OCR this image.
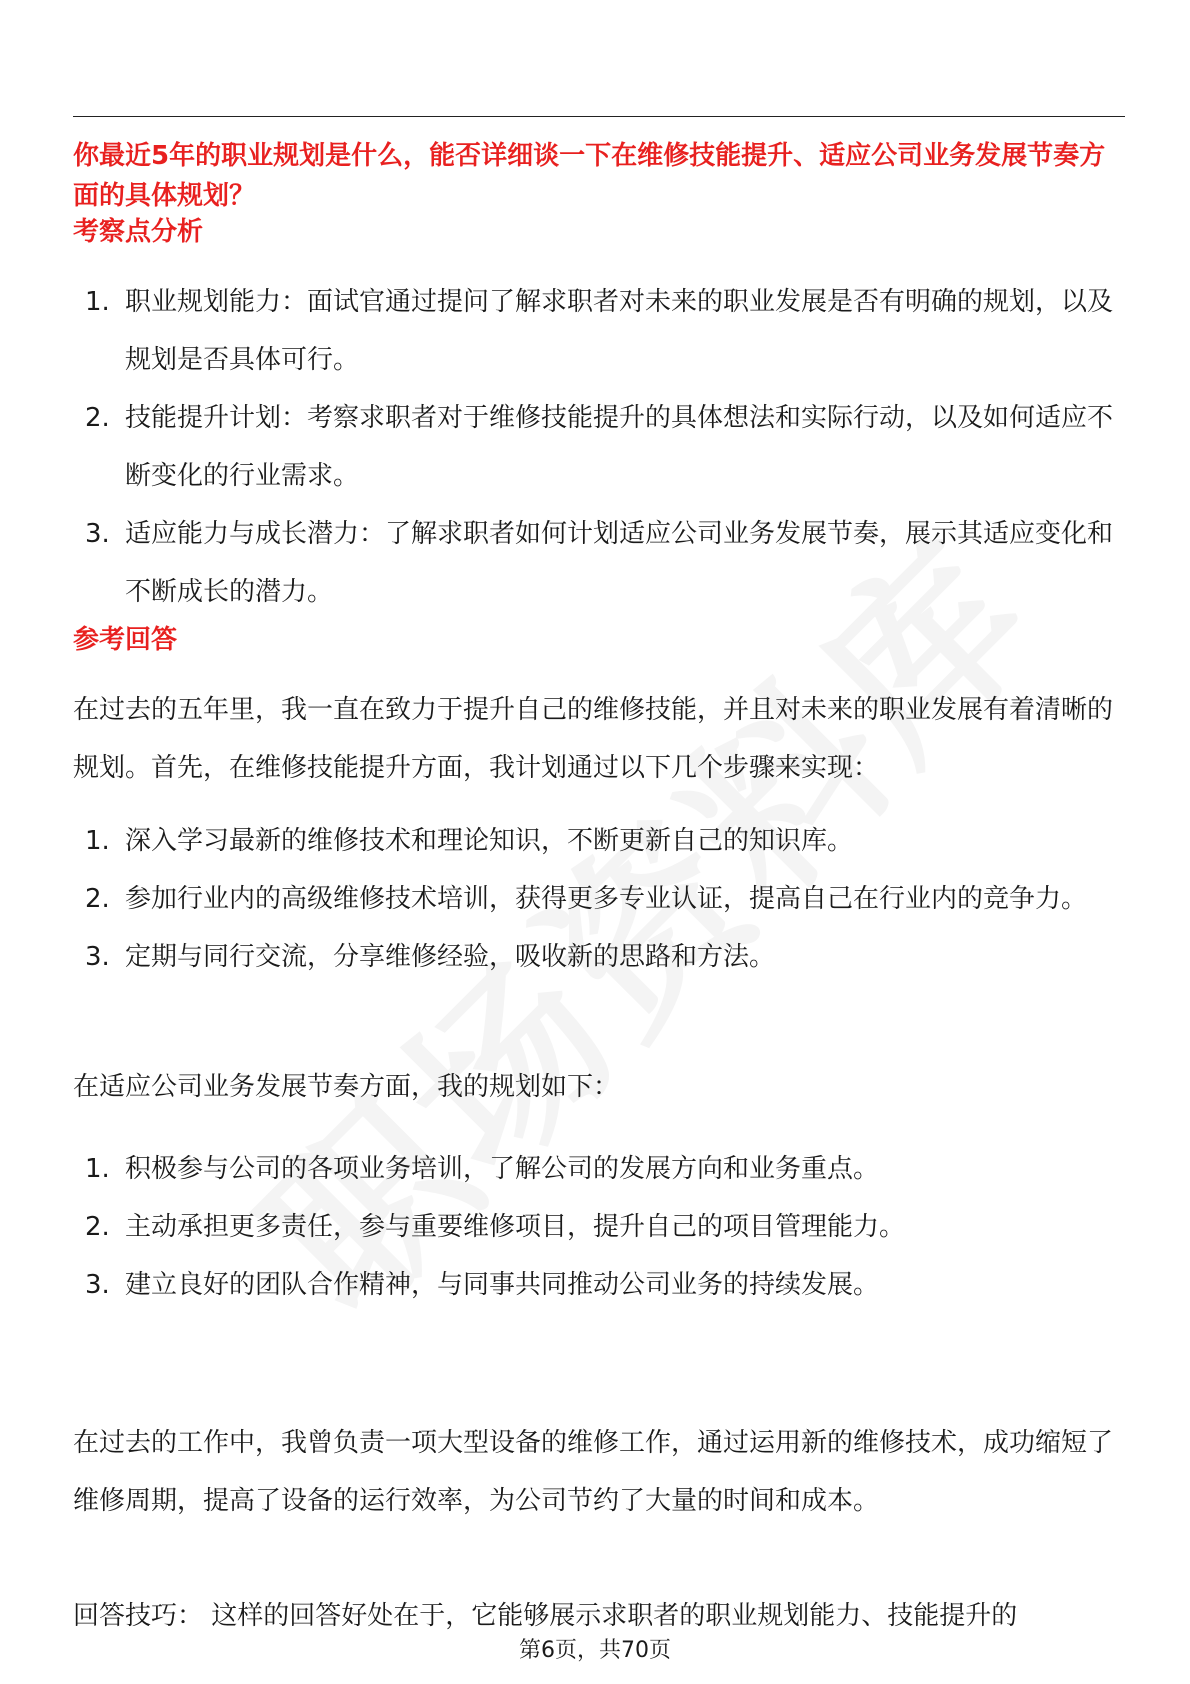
你最近5年的职业规划是什么，能否详细谈一下在维修技能提升、适应公司业务发展节奏方面的具体规划？
考察点分析
1. 职业规划能力：面试官通过提问了解求职者对未来的职业发展是否有明确的规划，以及规划是否具体可行。
2. 技能提升计划：考察求职者对于维修技能提升的具体想法和实际行动，以及如何适应不断变化的行业需求。
3. 适应能力与成长潜力：了解求职者如何计划适应公司业务发展节奏，展示其适应变化和不断成长的潜力。
参考回答

在过去的五年里，我一直在致力于提升自己的维修技能，并且对未来的职业发展有着清晰的规划。首先，在维修技能提升方面，我计划通过以下几个步骤来实现：

1. 深入学习最新的维修技术和理论知识，不断更新自己的知识库。
2. 参加行业内的高级维修技术培训，获得更多专业认证，提高自己在行业内的竞争力。
3. 定期与同行交流，分享维修经验，吸收新的思路和方法。

在适应公司业务发展节奏方面，我的规划如下：

1. 积极参与公司的各项业务培训，了解公司的发展方向和业务重点。
2. 主动承担更多责任，参与重要维修项目，提升自己的项目管理能力。
3. 建立良好的团队合作精神，与同事共同推动公司业务的持续发展。

在过去的工作中，我曾负责一项大型设备的维修工作，通过运用新的维修技术，成功缩短了维修周期，提高了设备的运行效率，为公司节约了大量的时间和成本。

回答技巧： 这样的回答好处在于，它能够展示求职者的职业规划能力、技能提升的
第6页，共70页
